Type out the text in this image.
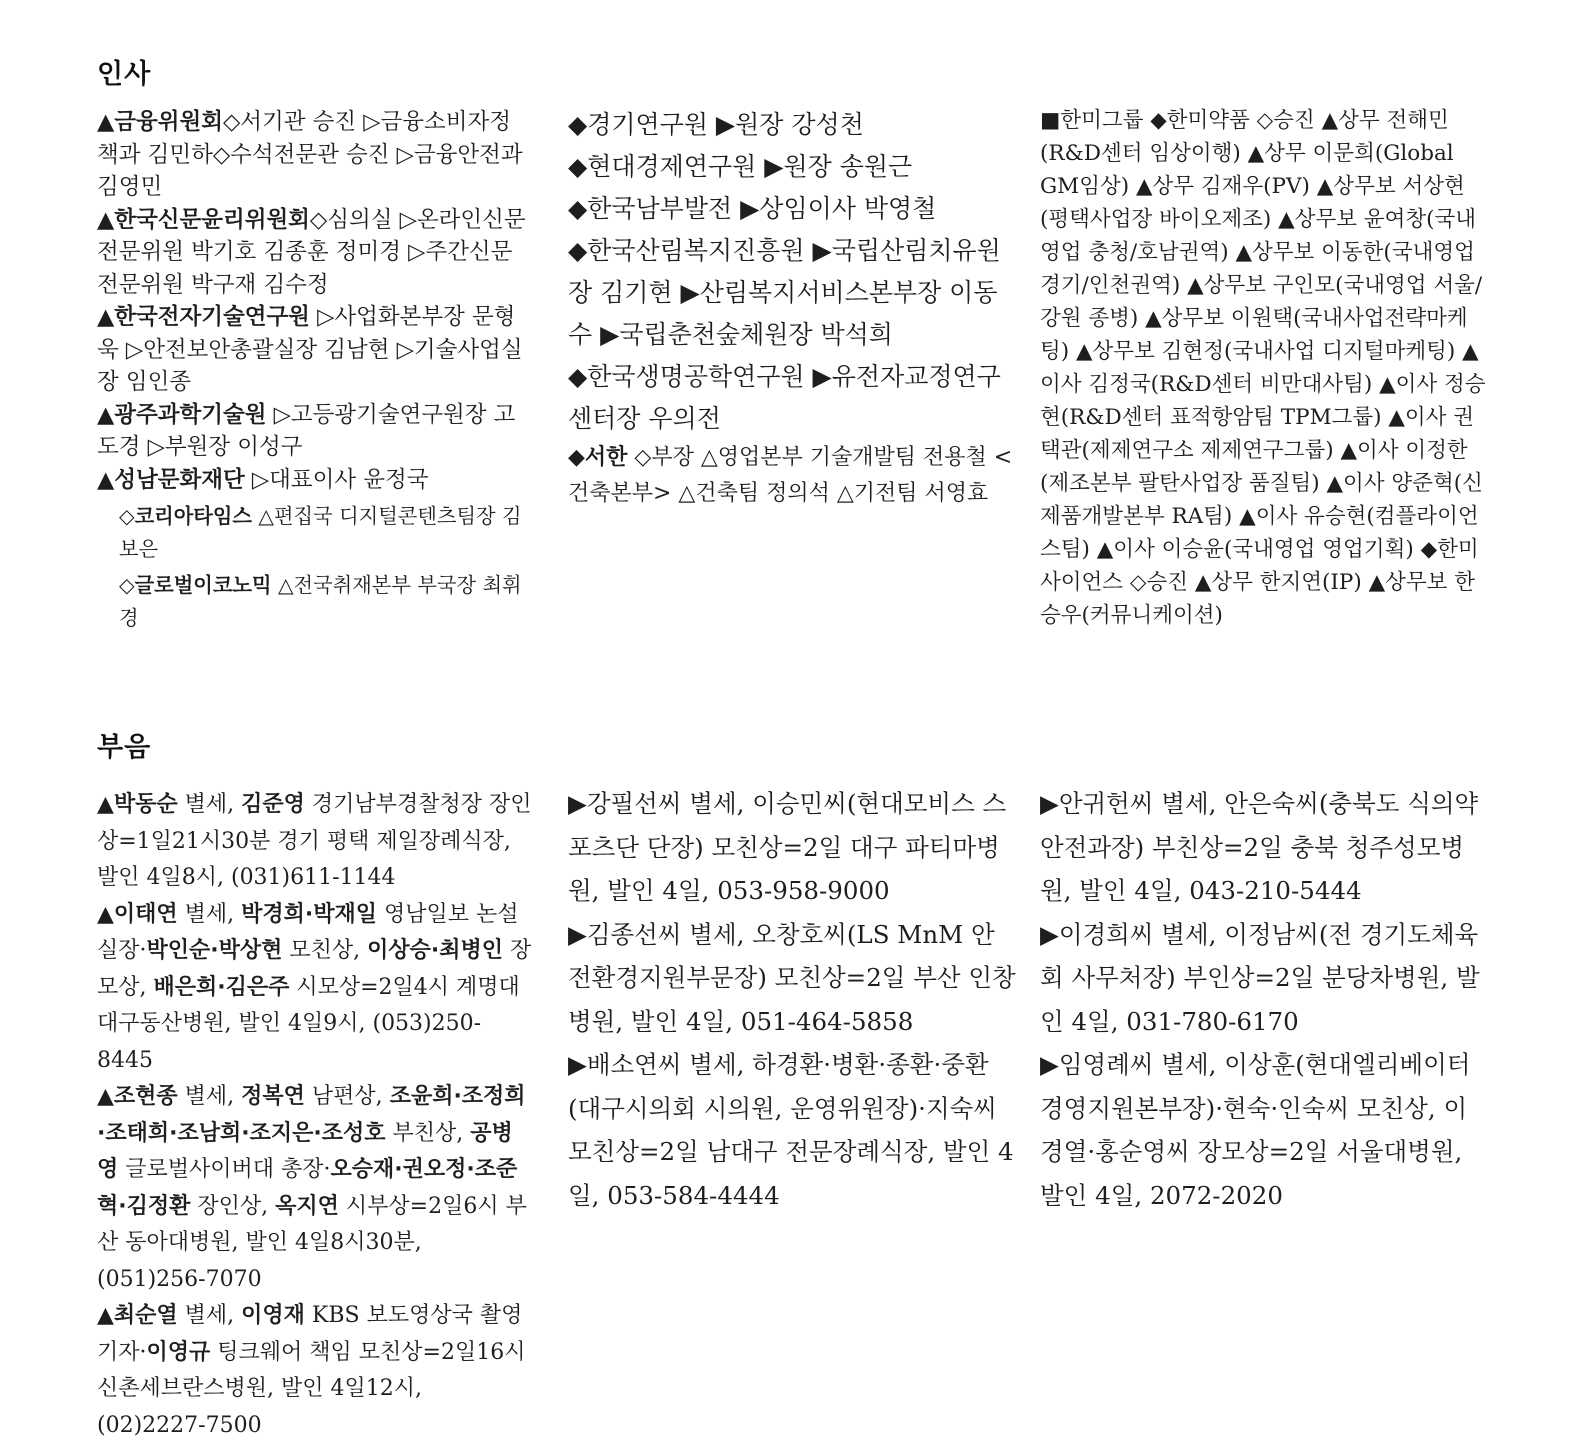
인사

▲금융위원회◇서기관 승진 ▷금융소비자정책과 김민하◇수석전문관 승진 ▷금융안전과 김영민

▲한국신문윤리위원회◇심의실 ▷온라인신문 전문위원 박기호 김종훈 정미경 ▷주간신문 전문위원 박구재 김수정

▲한국전자기술연구원 ▷사업화본부장 문형욱 ▷안전보안총괄실장 김남현 ▷기술사업실장 임인종

▲광주과학기술원 ▷고등광기술연구원장 고도경 ▷부원장 이성구

▲성남문화재단 ▷대표이사 윤정국

◇코리아타임스 △편집국 디지털콘텐츠팀장 김보은

◇글로벌이코노믹 △전국취재본부 부국장 최휘경

◆경기연구원 ▶원장 강성천

◆현대경제연구원 ▶원장 송원근

◆한국남부발전 ▶상임이사 박영철

◆한국산림복지진흥원 ▶국립산림치유원장 김기현 ▶산림복지서비스본부장 이동수 ▶국립춘천숲체원장 박석희

◆한국생명공학연구원 ▶유전자교정연구센터장 우의전

◆서한 ◇부장 △영업본부 기술개발팀 전용철 <건축본부> △건축팀 정의석 △기전팀 서영효

■한미그룹 ◆한미약품 ◇승진 ▲상무 전해민(R&D센터 임상이행) ▲상무 이문희(Global GM임상) ▲상무 김재우(PV) ▲상무보 서상현(평택사업장 바이오제조) ▲상무보 윤여창(국내영업 충청/호남권역) ▲상무보 이동한(국내영업 경기/인천권역) ▲상무보 구인모(국내영업 서울/강원 종병) ▲상무보 이원택(국내사업전략마케팅) ▲상무보 김현정(국내사업 디지털마케팅) ▲이사 김정국(R&D센터 비만대사팀) ▲이사 정승현(R&D센터 표적항암팀 TPM그룹) ▲이사 권택관(제제연구소 제제연구그룹) ▲이사 이정한(제조본부 팔탄사업장 품질팀) ▲이사 양준혁(신제품개발본부 RA팀) ▲이사 유승현(컴플라이언스팀) ▲이사 이승윤(국내영업 영업기획) ◆한미사이언스 ◇승진 ▲상무 한지연(IP) ▲상무보 한승우(커뮤니케이션)

부음

▲박동순 별세, 김준영 경기남부경찰청장 장인상=1일21시30분 경기 평택 제일장례식장, 발인 4일8시, (031)611-1144

▲이태연 별세, 박경희·박재일 영남일보 논설실장·박인순·박상현 모친상, 이상승·최병인 장모상, 배은희·김은주 시모상=2일4시 계명대 대구동산병원, 발인 4일9시, (053)250-8445

▲조현종 별세, 정복연 남편상, 조윤희·조정희·조태희·조남희·조지은·조성호 부친상, 공병영 글로벌사이버대 총장·오승재·권오정·조준혁·김정환 장인상, 옥지연 시부상=2일6시 부산 동아대병원, 발인 4일8시30분, (051)256-7070

▲최순열 별세, 이영재 KBS 보도영상국 촬영기자·이영규 팅크웨어 책임 모친상=2일16시 신촌세브란스병원, 발인 4일12시, (02)2227-7500

▶강필선씨 별세, 이승민씨(현대모비스 스포츠단 단장) 모친상=2일 대구 파티마병원, 발인 4일, 053-958-9000

▶김종선씨 별세, 오창호씨(LS MnM 안전환경지원부문장) 모친상=2일 부산 인창병원, 발인 4일, 051-464-5858

▶배소연씨 별세, 하경환·병환·종환·중환(대구시의회 시의원, 운영위원장)·지숙씨 모친상=2일 남대구 전문장례식장, 발인 4일, 053-584-4444

▶안귀헌씨 별세, 안은숙씨(충북도 식의약안전과장) 부친상=2일 충북 청주성모병원, 발인 4일, 043-210-5444

▶이경희씨 별세, 이정남씨(전 경기도체육회 사무처장) 부인상=2일 분당차병원, 발인 4일, 031-780-6170

▶임영례씨 별세, 이상훈(현대엘리베이터 경영지원본부장)·현숙·인숙씨 모친상, 이경열·홍순영씨 장모상=2일 서울대병원, 발인 4일, 2072-2020
